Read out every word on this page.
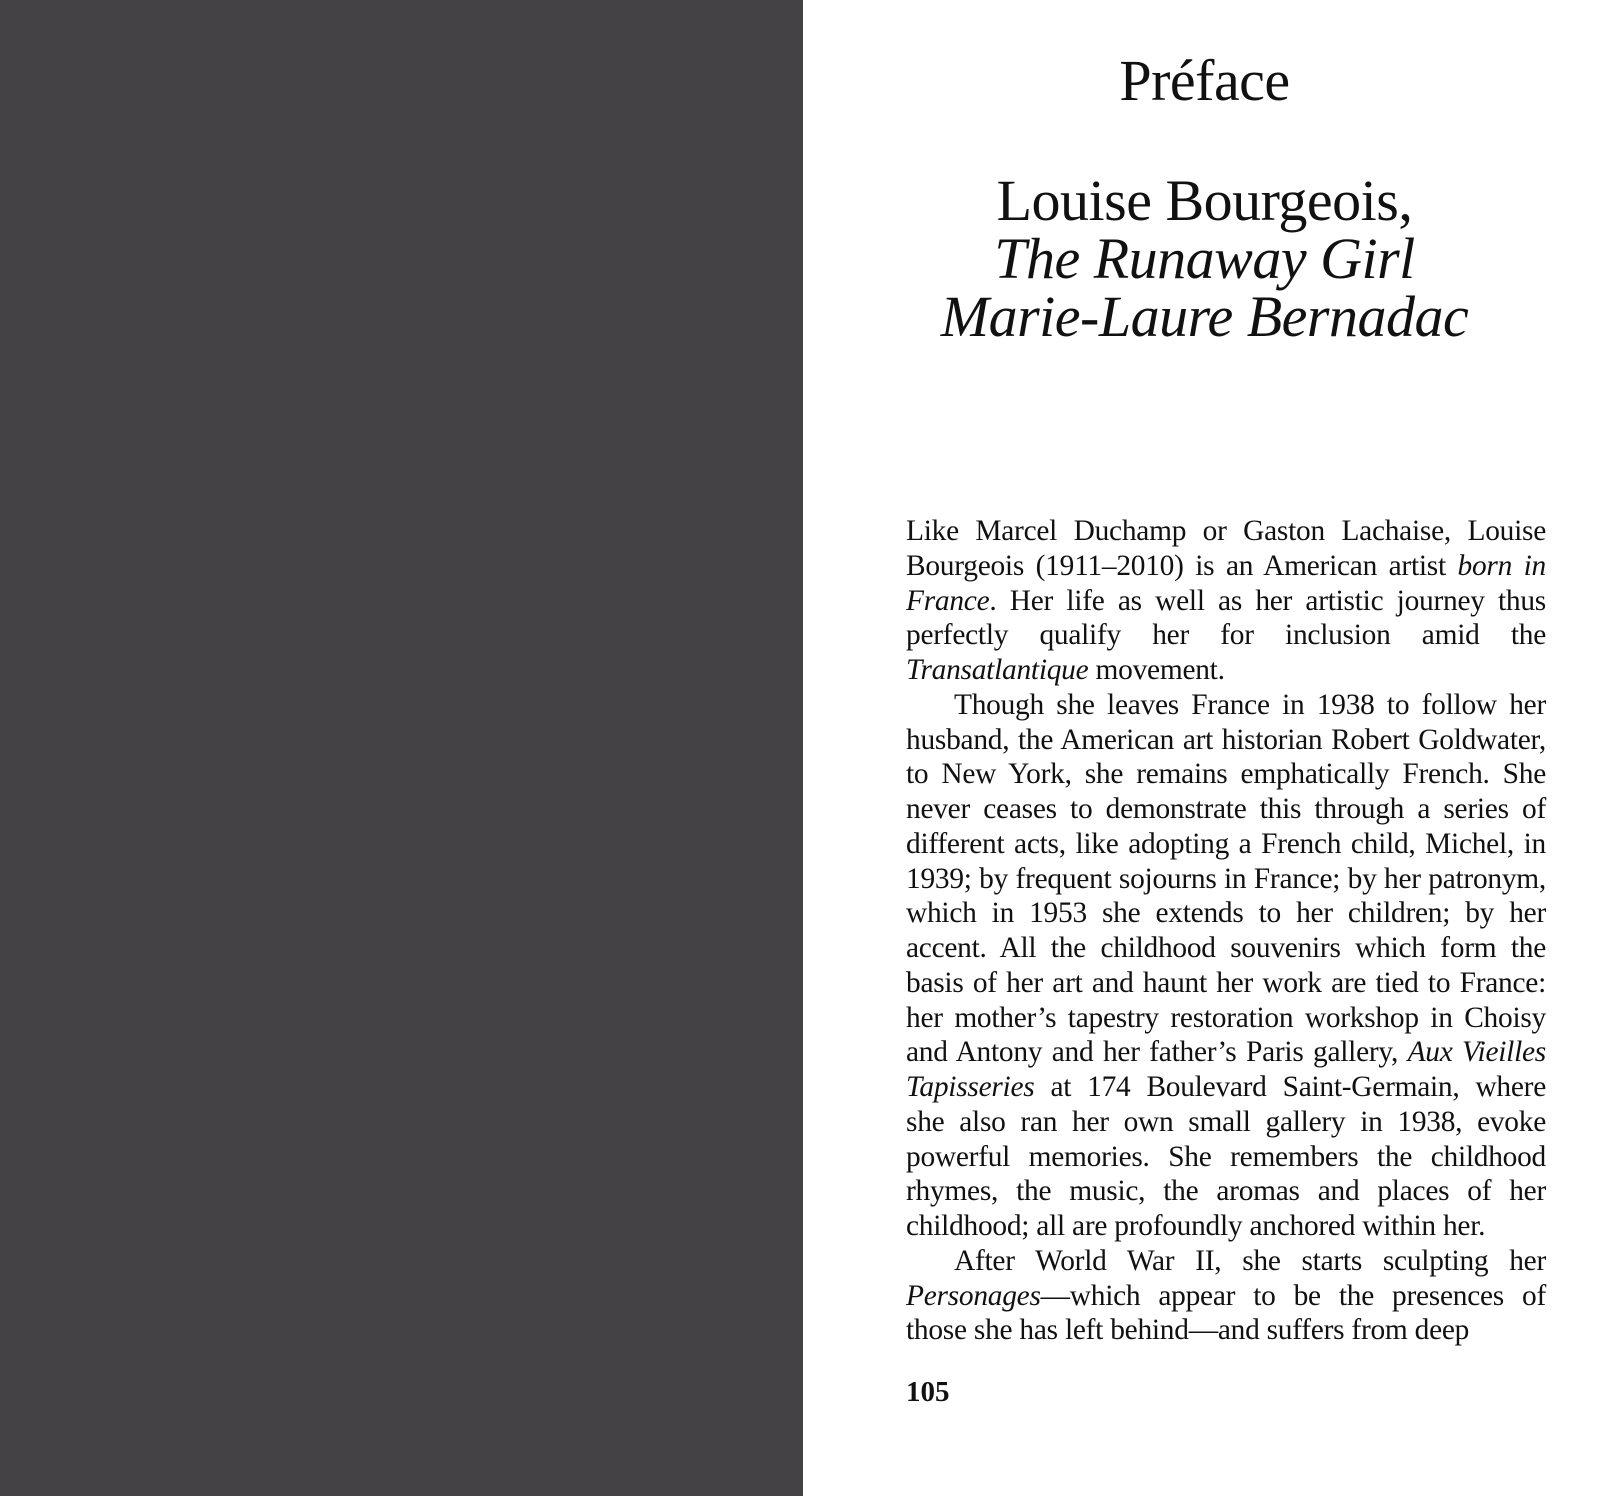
Préface
Louise Bourgeois,
The Runaway Girl
Marie-Laure Bernadac

Like Marcel Duchamp or Gaston Lachaise, Louise Bourgeois (1911–2010) is an American artist born in France. Her life as well as her artistic journey thus perfectly qualify her for inclusion amid the Transatlantique movement.

Though she leaves France in 1938 to follow her husband, the American art historian Robert Goldwater, to New York, she remains emphatically French. She never ceases to demonstrate this through a series of different acts, like adopting a French child, Michel, in 1939; by frequent sojourns in France; by her patronym, which in 1953 she extends to her children; by her accent. All the childhood souvenirs which form the basis of her art and haunt her work are tied to France: her mother’s tapestry restoration workshop in Choisy and Antony and her father’s Paris gallery, Aux Vieilles Tapisseries at 174 Boulevard Saint-Germain, where she also ran her own small gallery in 1938, evoke powerful memories. She remembers the childhood rhymes, the music, the aromas and places of her childhood; all are profoundly anchored within her.

After World War II, she starts sculpting her Personages—which appear to be the presences of those she has left behind—and suffers from deep

105
